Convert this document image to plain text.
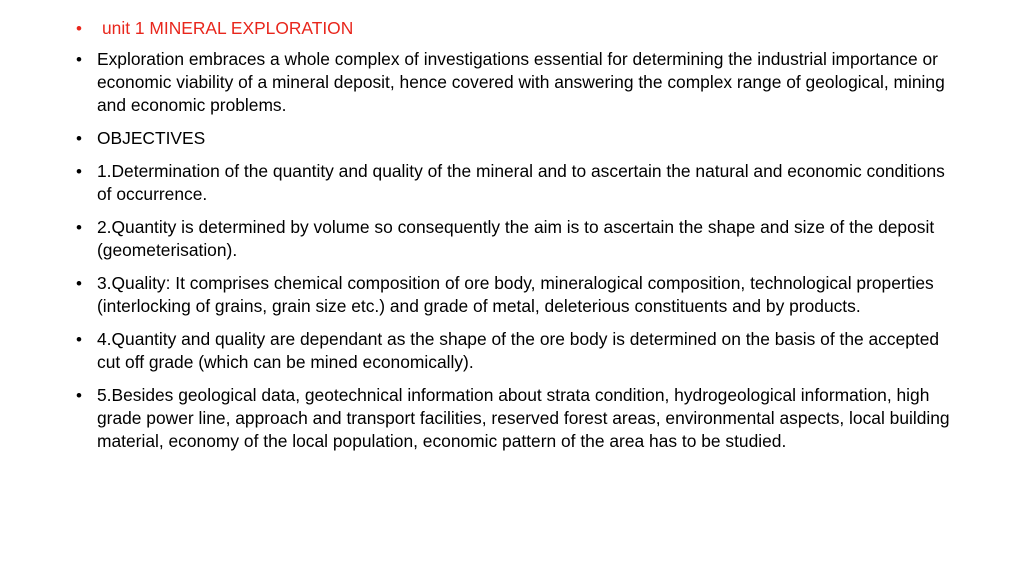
• unit 1 MINERAL EXPLORATION
• Exploration embraces a whole complex of investigations essential for determining the industrial importance or economic viability of a mineral deposit, hence covered with answering the complex range of geological, mining and economic problems.
• OBJECTIVES
• 1.Determination of the quantity and quality of the mineral and to ascertain the natural and economic conditions of occurrence.
• 2.Quantity is determined by volume so consequently the aim is to ascertain the shape and size of the deposit (geometerisation).
• 3.Quality: It comprises chemical composition of ore body, mineralogical composition, technological properties (interlocking of grains, grain size etc.) and grade of metal, deleterious constituents and by products.
• 4.Quantity and quality are dependant as the shape of the ore body is determined on the basis of the accepted cut off grade (which can be mined economically).
• 5.Besides geological data, geotechnical information about strata condition, hydrogeological information, high grade power line, approach and transport facilities, reserved forest areas, environmental aspects, local building material, economy of the local population, economic pattern of the area has to be studied.
